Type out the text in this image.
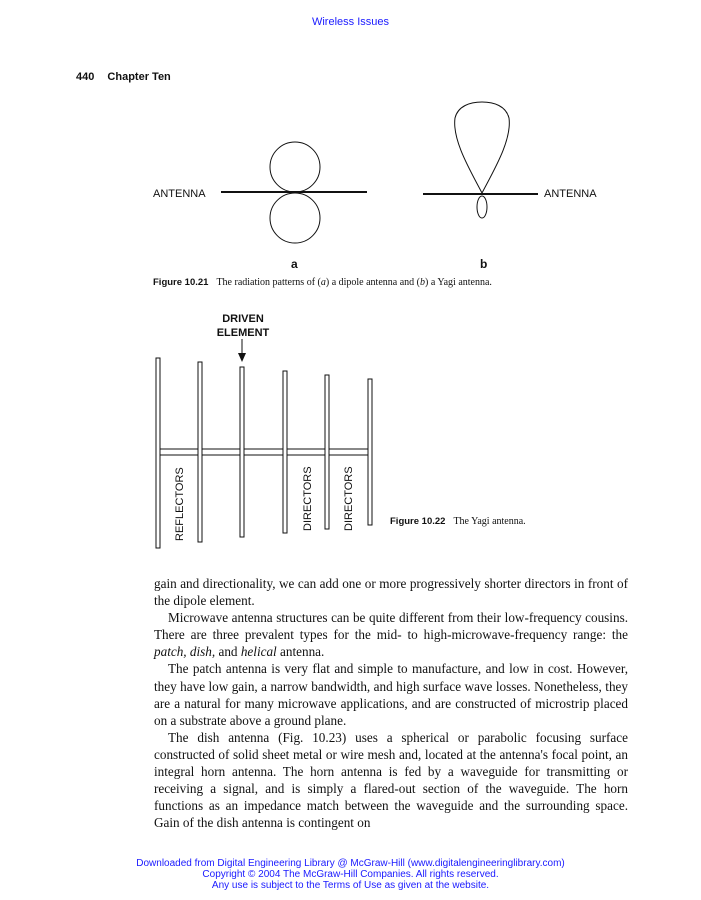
Wireless Issues
440 Chapter Ten
ANTENNA
a
ANTENNA
b
Figure 10.21 The radiation patterns of (a) a dipole antenna and (b) a Yagi antenna.
DRIVEN
ELEMENT
REFLECTORS	DIRECTORS	DIRECTORS	Figure 10.22 The Yagi antenna.

gain and directionality, we can add one or more progressively shorter directors in front of the dipole element.

Microwave antenna structures can be quite different from their low-frequency cousins. There are three prevalent types for the mid- to high-microwave-frequency range: the patch, dish, and helical antenna.

The patch antenna is very flat and simple to manufacture, and low in cost. However, they have low gain, a narrow bandwidth, and high surface wave losses. Nonetheless, they are a natural for many microwave applications, and are constructed of microstrip placed on a substrate above a ground plane.

The dish antenna (Fig. 10.23) uses a spherical or parabolic focusing surface constructed of solid sheet metal or wire mesh and, located at the antenna's focal point, an integral horn antenna. The horn antenna is fed by a waveguide for transmitting or receiving a signal, and is simply a flared-out section of the waveguide. The horn functions as an impedance match between the waveguide and the surrounding space. Gain of the dish antenna is contingent on

Downloaded from Digital Engineering Library @ McGraw-Hill (www.digitalengineeringlibrary.com)
Copyright © 2004 The McGraw-Hill Companies. All rights reserved.
Any use is subject to the Terms of Use as given at the website.
